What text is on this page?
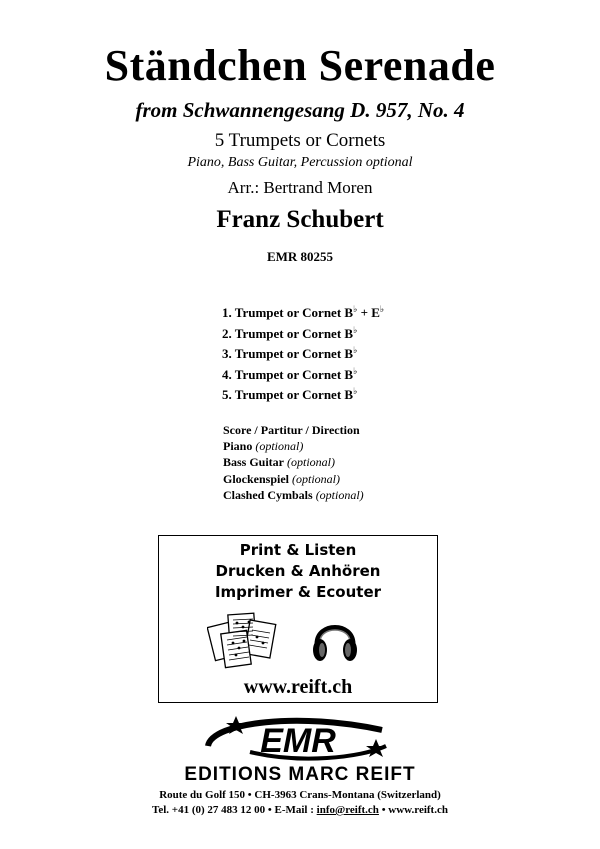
Ständchen Serenade
from Schwannengesang D. 957, No. 4
5 Trumpets or Cornets
Piano, Bass Guitar, Percussion optional
Arr.: Bertrand Moren
Franz Schubert
EMR 80255
1. Trumpet or Cornet B♭ + E♭
2. Trumpet or Cornet B♭
3. Trumpet or Cornet B♭
4. Trumpet or Cornet B♭
5. Trumpet or Cornet B♭
Score / Partitur / Direction
Piano (optional)
Bass Guitar (optional)
Glockenspiel (optional)
Clashed Cymbals (optional)
Print & Listen
Drucken & Anhören
Imprimer & Ecouter
www.reift.ch
EMR
EDITIONS MARC REIFT
Route du Golf 150 • CH-3963 Crans-Montana (Switzerland)
Tel. +41 (0) 27 483 12 00 • E-Mail : info@reift.ch • www.reift.ch
